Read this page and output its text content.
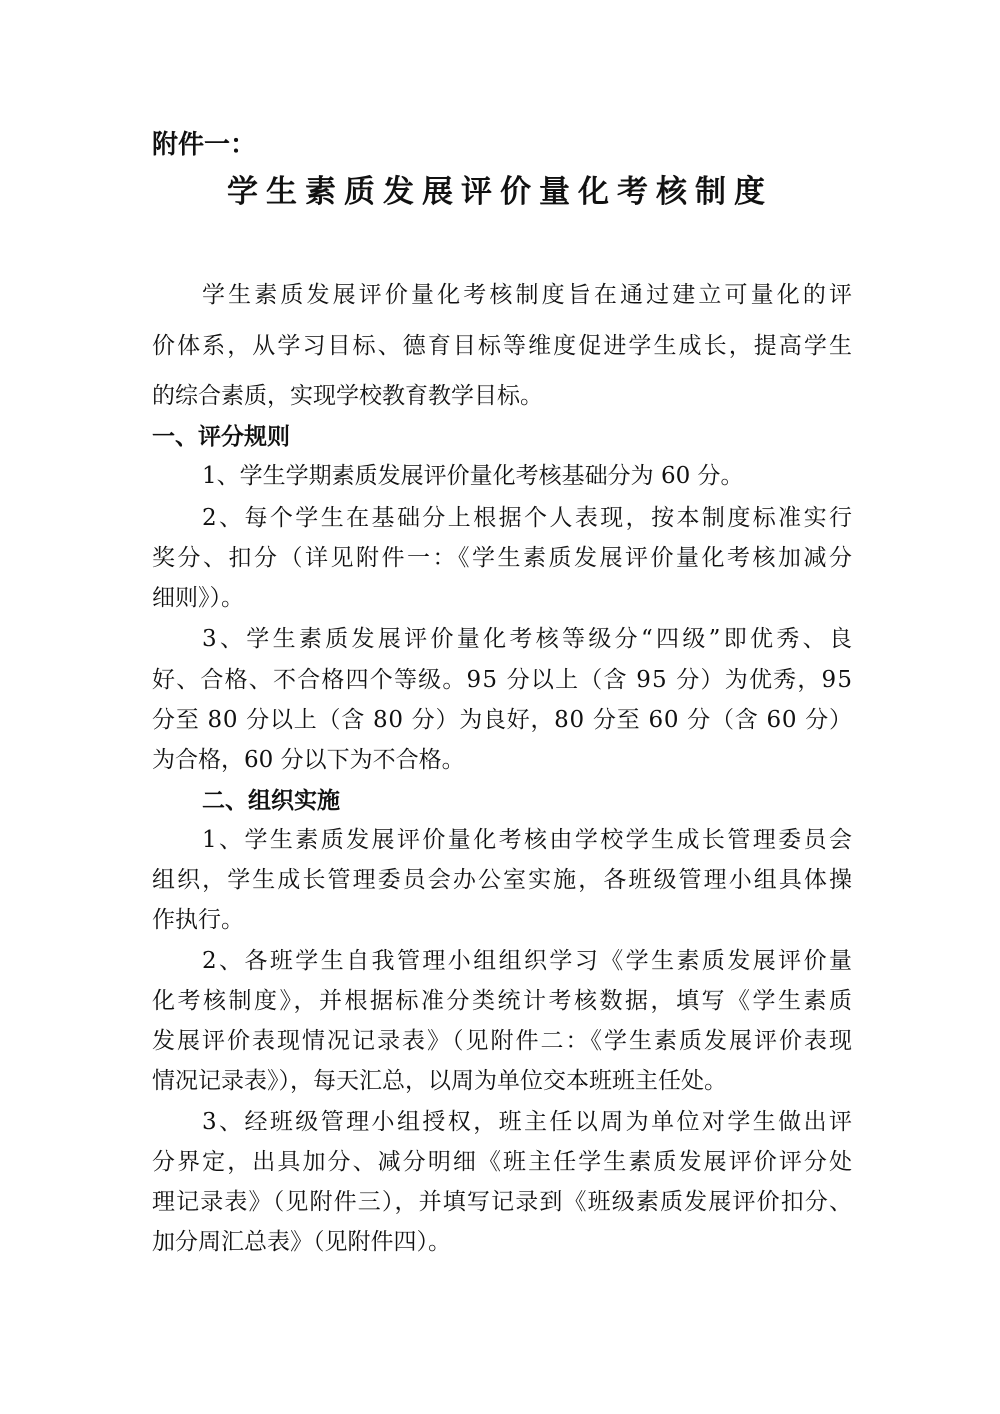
附件一：
学生素质发展评价量化考核制度
学生素质发展评价量化考核制度旨在通过建立可量化的评
价体系，从学习目标、德育目标等维度促进学生成长，提高学生
的综合素质，实现学校教育教学目标。
一、评分规则
1、学生学期素质发展评价量化考核基础分为 60 分。
2、每个学生在基础分上根据个人表现，按本制度标准实行
奖分、扣分（详见附件一：《学生素质发展评价量化考核加减分
细则》）。
3、学生素质发展评价量化考核等级分“四级”即优秀、良
好、合格、不合格四个等级。95 分以上（含 95 分）为优秀，95
分至 80 分以上（含 80 分）为良好，80 分至 60 分（含 60 分）
为合格，60 分以下为不合格。
二、组织实施
1、学生素质发展评价量化考核由学校学生成长管理委员会
组织，学生成长管理委员会办公室实施，各班级管理小组具体操
作执行。
2、各班学生自我管理小组组织学习《学生素质发展评价量
化考核制度》，并根据标准分类统计考核数据，填写《学生素质
发展评价表现情况记录表》（见附件二：《学生素质发展评价表现
情况记录表》），每天汇总，以周为单位交本班班主任处。
3、经班级管理小组授权，班主任以周为单位对学生做出评
分界定，出具加分、减分明细《班主任学生素质发展评价评分处
理记录表》（见附件三），并填写记录到《班级素质发展评价扣分、
加分周汇总表》（见附件四）。
